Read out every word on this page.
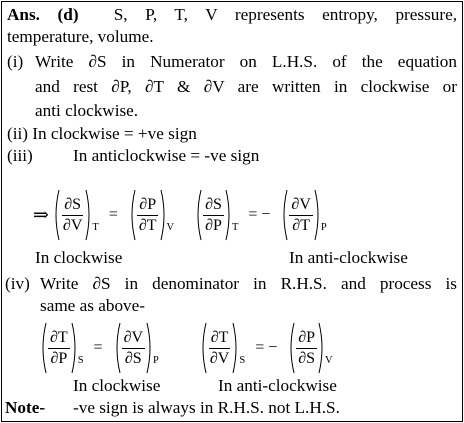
Ans. (d) S, P, T, V represents entropy, pressure,
temperature, volume.
(i) Write ∂S in Numerator on L.H.S. of the equation
and rest ∂P, ∂T & ∂V are written in clockwise or
anti clockwise.
(ii) In clockwise = +ve sign
(iii) In anticlockwise = -ve sign
⇒ $\frac{\partial S}{\partial V}$ T
= $\frac{\partial P}{\partial T}$ V $\frac{\partial S}{\partial P}$ T
= − $\frac{\partial V}{\partial T}$ P
In clockwise	In anti-clockwise
(iv) Write ∂S in denominator in R.H.S. and process is
same as above-
$\frac{\partial T}{\partial P}$ S
= $\frac{\partial V}{\partial S}$ P	$\frac{\partial T}{\partial V}$ S
= − $\frac{\partial P}{\partial S}$ V
In clockwise	In anti-clockwise
Note- -ve sign is always in R.H.S. not L.H.S.
